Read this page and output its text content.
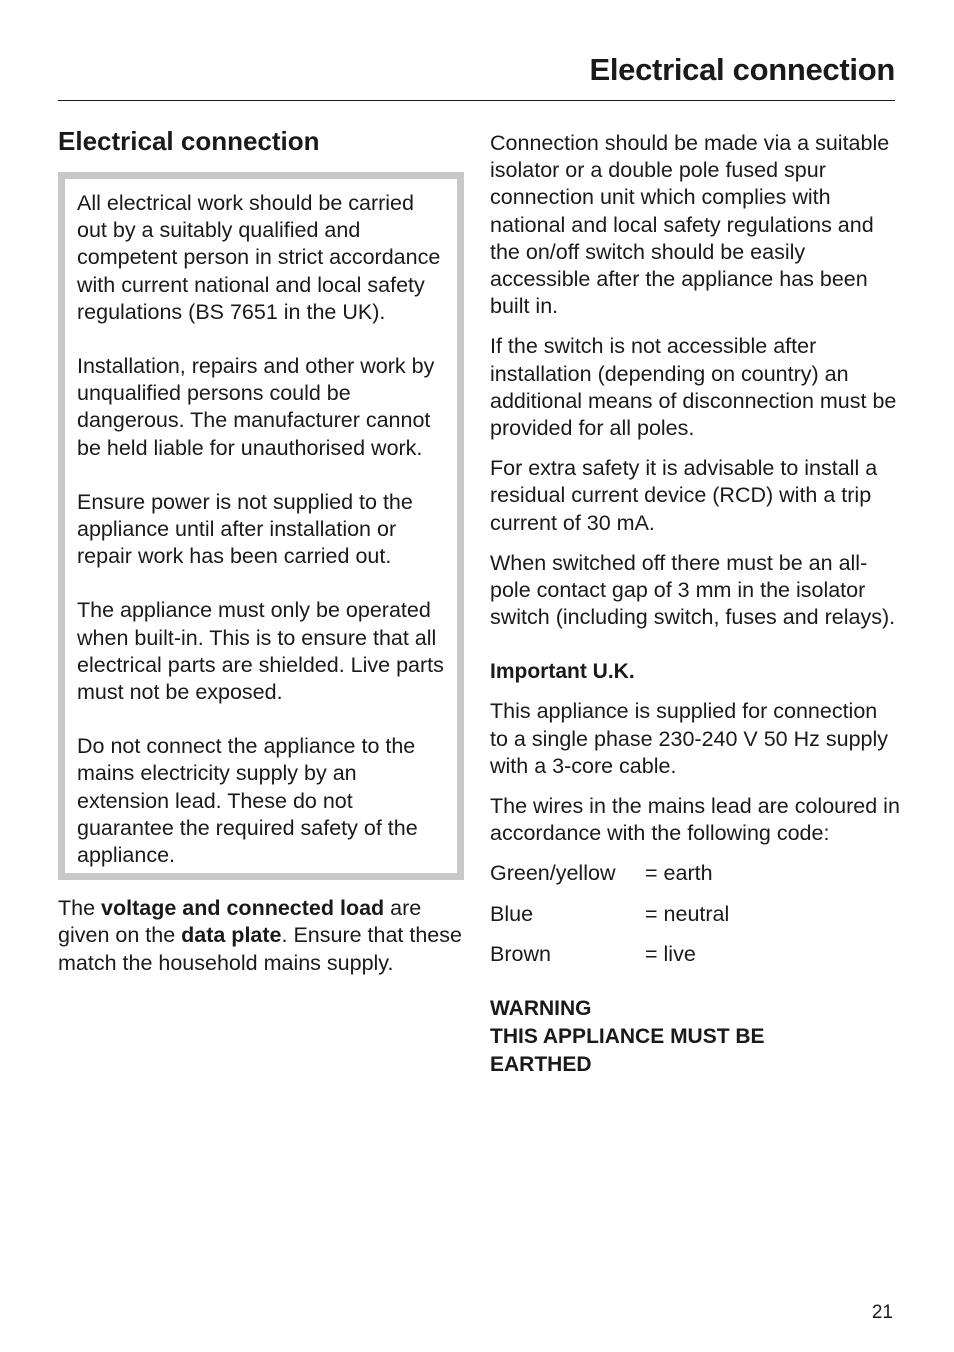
Electrical connection
Electrical connection

All electrical work should be carried out by a suitably qualified and competent person in strict accordance with current national and local safety regulations (BS 7651 in the UK).

Installation, repairs and other work by unqualified persons could be dangerous. The manufacturer cannot be held liable for unauthorised work.

Ensure power is not supplied to the appliance until after installation or repair work has been carried out.

The appliance must only be operated when built-in. This is to ensure that all electrical parts are shielded. Live parts must not be exposed.

Do not connect the appliance to the mains electricity supply by an extension lead. These do not guarantee the required safety of the appliance.

The voltage and connected load are given on the data plate. Ensure that these match the household mains supply.

Connection should be made via a suitable isolator or a double pole fused spur connection unit which complies with national and local safety regulations and the on/off switch should be easily accessible after the appliance has been built in.

If the switch is not accessible after installation (depending on country) an additional means of disconnection must be provided for all poles.

For extra safety it is advisable to install a residual current device (RCD) with a trip current of 30 mA.

When switched off there must be an all-pole contact gap of 3 mm in the isolator switch (including switch, fuses and relays).

Important U.K.

This appliance is supplied for connection to a single phase 230-240 V 50 Hz supply with a 3-core cable.

The wires in the mains lead are coloured in accordance with the following code:

Green/yellow	= earth
Blue	= neutral
Brown	= live
WARNING
THIS APPLIANCE MUST BE
EARTHED
21
